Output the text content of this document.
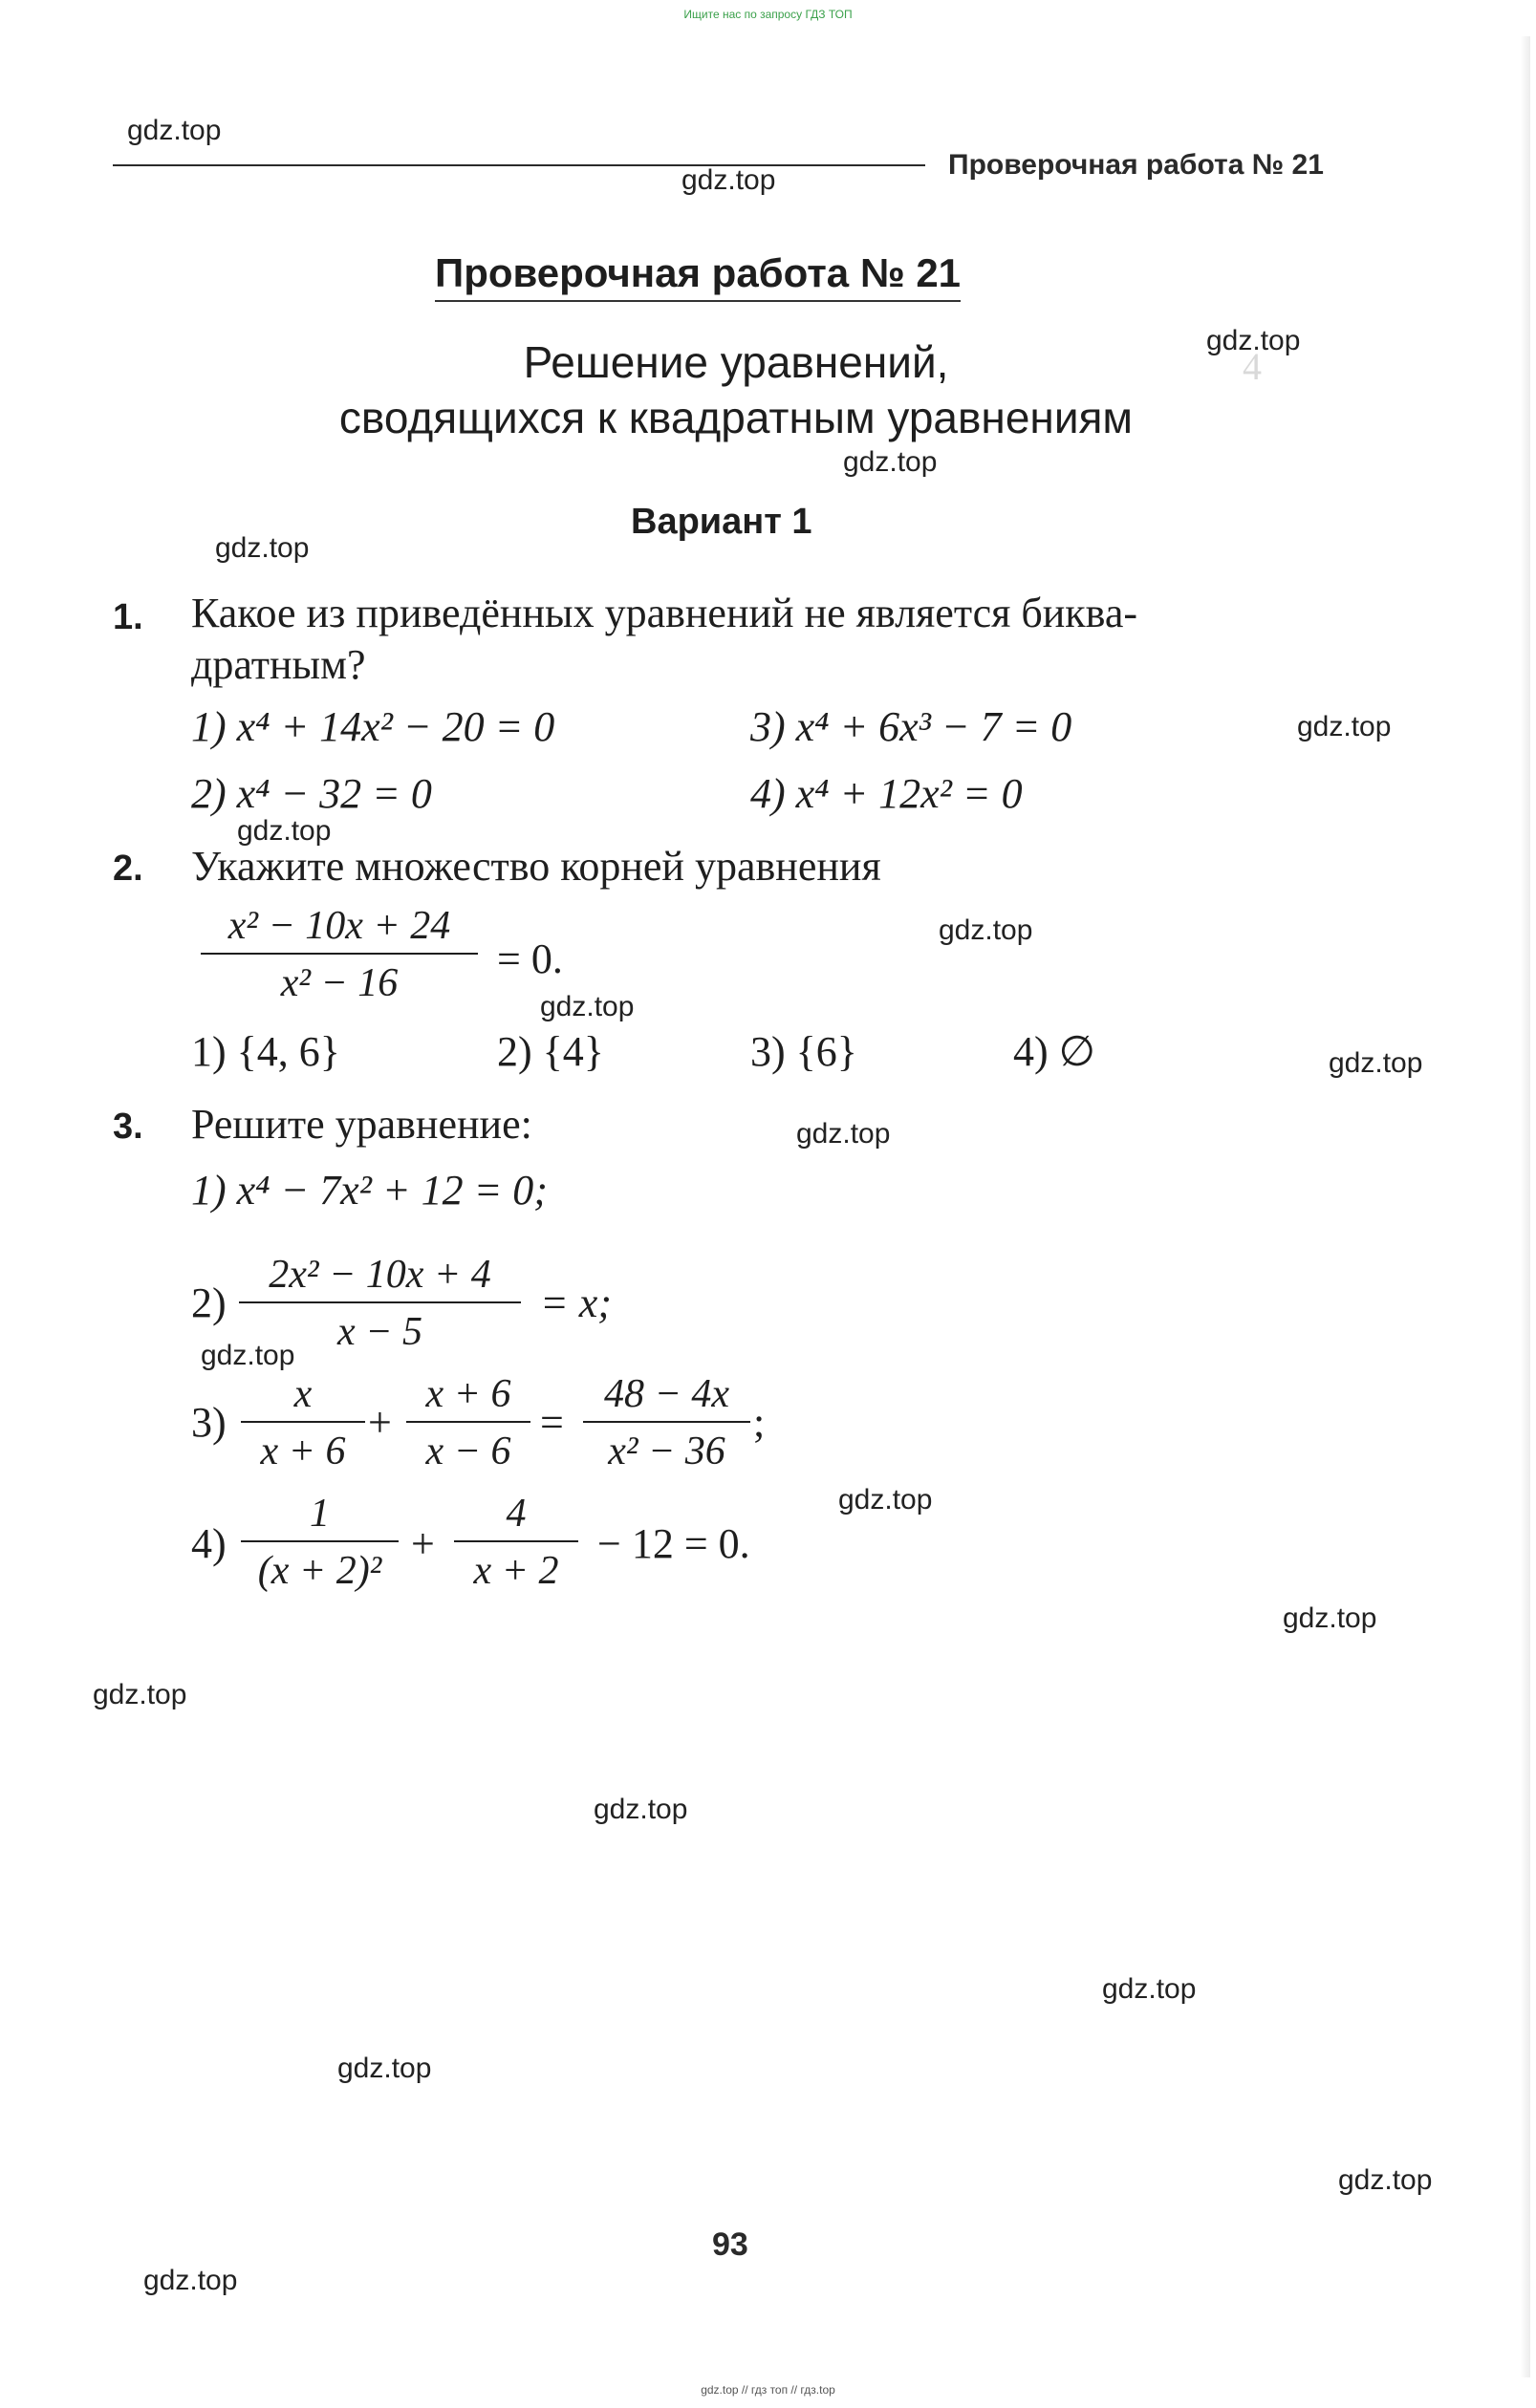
Ищите нас по запросу ГДЗ ТОП
4
Проверочная работа № 21
Проверочная работа № 21
Решение уравнений,
сводящихся к квадратным уравнениям
Вариант 1
1. Какое из приведённых уравнений не является биква-
дратным?
1) x⁴ + 14x² − 20 = 0	3) x⁴ + 6x³ − 7 = 0
2) x⁴ − 32 = 0	4) x⁴ + 12x² = 0
2. Укажите множество корней уравнения
x² − 10x + 24
x² − 16
= 0.
1) {4, 6}	2) {4}	3) {6}	4) ∅
3. Решите уравнение:
1) x⁴ − 7x² + 12 = 0;
2)
2x² − 10x + 4
x − 5
= x;
3)
x
x + 6
+
x + 6
x − 6
=
48 − 4x
x² − 36
;
4)
1
(x + 2)²
+
4
x + 2
− 12 = 0.
gdz.top
gdz.top
gdz.top
gdz.top
gdz.top
gdz.top
gdz.top
gdz.top
gdz.top
gdz.top
gdz.top
gdz.top
gdz.top
gdz.top
gdz.top
gdz.top
gdz.top
gdz.top
gdz.top
gdz.top
93
gdz.top // гдз топ // гдз.top
